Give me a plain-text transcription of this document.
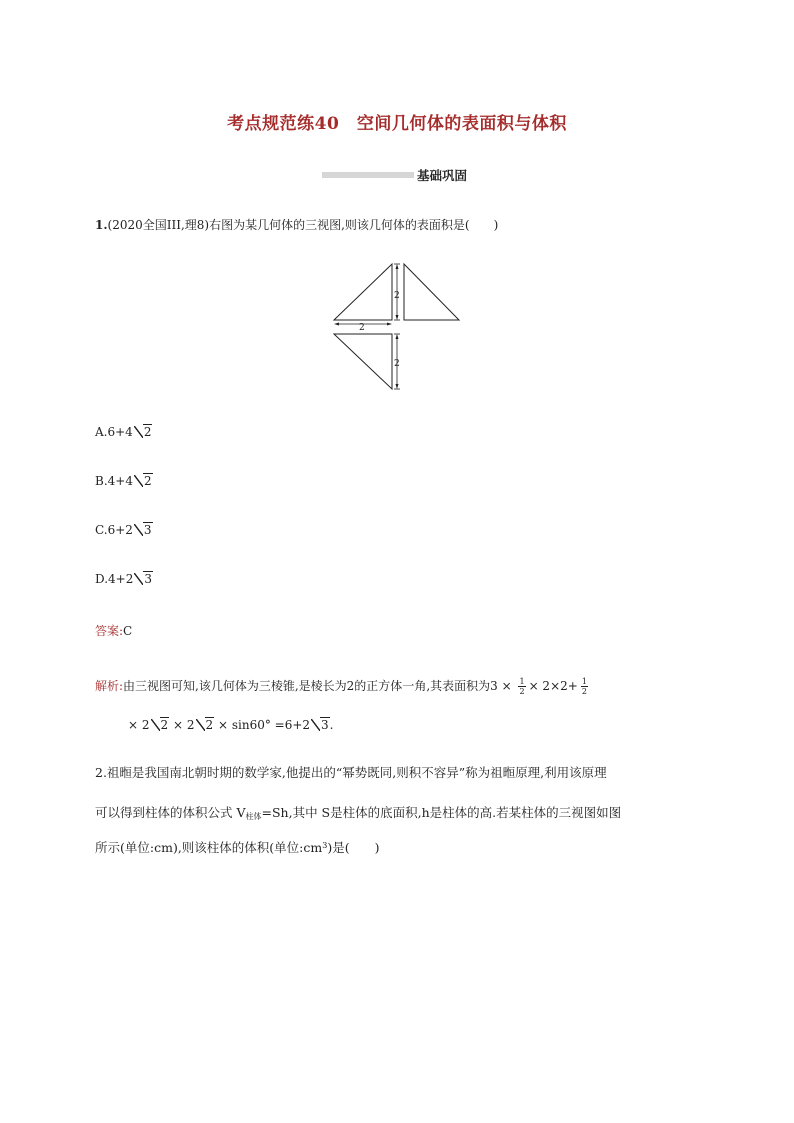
考点规范练40　空间几何体的表面积与体积
基础巩固
1.(2020全国III,理8)右图为某几何体的三视图,则该几何体的表面积是(　　)
2
2
2
A.6+4 2
B.4+4 2
C.6+2 3
D.4+2 3
答案:C
解析:由三视图可知,该几何体为三棱锥,是棱长为2的正方体一角,其表面积为$3 \times \frac{1}{2} \times 2\times 2+ \frac{1}{2}$
× 2 2 × 2 2 × sin60° =6+2 3.
2.祖暅是我国南北朝时期的数学家,他提出的“幂势既同,则积不容异”称为祖暅原理,利用该原理
可以得到柱体的体积公式 $V_{柱体}=Sh$,其中 S是柱体的底面积,h是柱体的高.若某柱体的三视图如图
所示(单位:cm),则该柱体的体积(单位$:cm^3$)是(　　)
